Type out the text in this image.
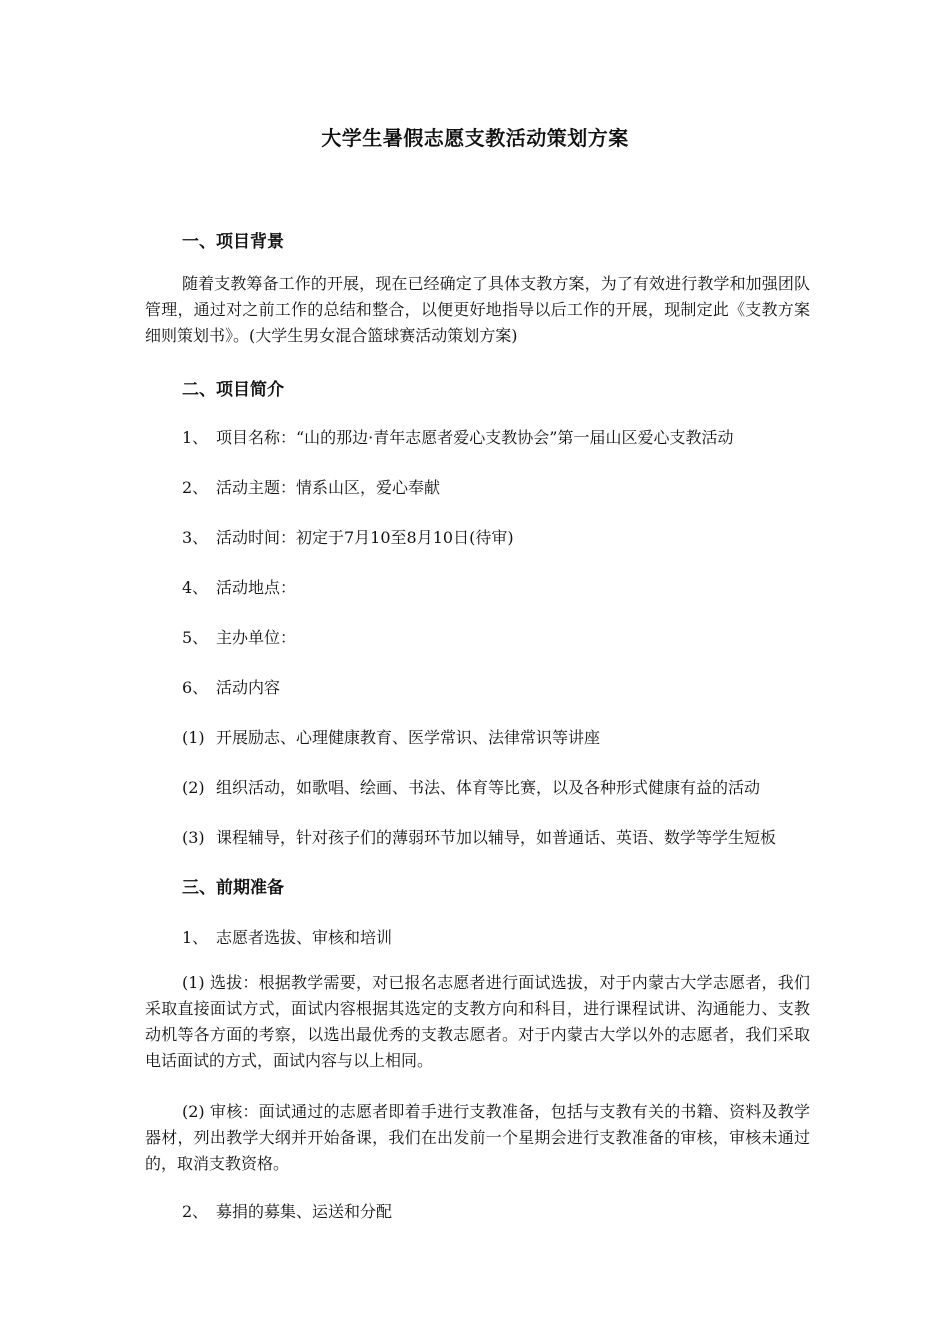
大学生暑假志愿支教活动策划方案
一、项目背景
随着支教筹备工作的开展，现在已经确定了具体支教方案，为了有效进行教学和加强团队管理，通过对之前工作的总结和整合，以便更好地指导以后工作的开展，现制定此《支教方案细则策划书》。(大学生男女混合篮球赛活动策划方案)
二、项目简介
1、 项目名称：“山的那边·青年志愿者爱心支教协会”第一届山区爱心支教活动
2、 活动主题：情系山区，爱心奉献
3、 活动时间：初定于7月10至8月10日(待审)
4、 活动地点：
5、 主办单位：
6、 活动内容
(1) 开展励志、心理健康教育、医学常识、法律常识等讲座
(2) 组织活动，如歌唱、绘画、书法、体育等比赛，以及各种形式健康有益的活动
(3) 课程辅导，针对孩子们的薄弱环节加以辅导，如普通话、英语、数学等学生短板
三、前期准备
1、 志愿者选拔、审核和培训
(1) 选拔：根据教学需要，对已报名志愿者进行面试选拔，对于内蒙古大学志愿者，我们采取直接面试方式，面试内容根据其选定的支教方向和科目，进行课程试讲、沟通能力、支教动机等各方面的考察，以选出最优秀的支教志愿者。对于内蒙古大学以外的志愿者，我们采取电话面试的方式，面试内容与以上相同。
(2) 审核：面试通过的志愿者即着手进行支教准备，包括与支教有关的书籍、资料及教学器材，列出教学大纲并开始备课，我们在出发前一个星期会进行支教准备的审核，审核未通过的，取消支教资格。
2、 募捐的募集、运送和分配
